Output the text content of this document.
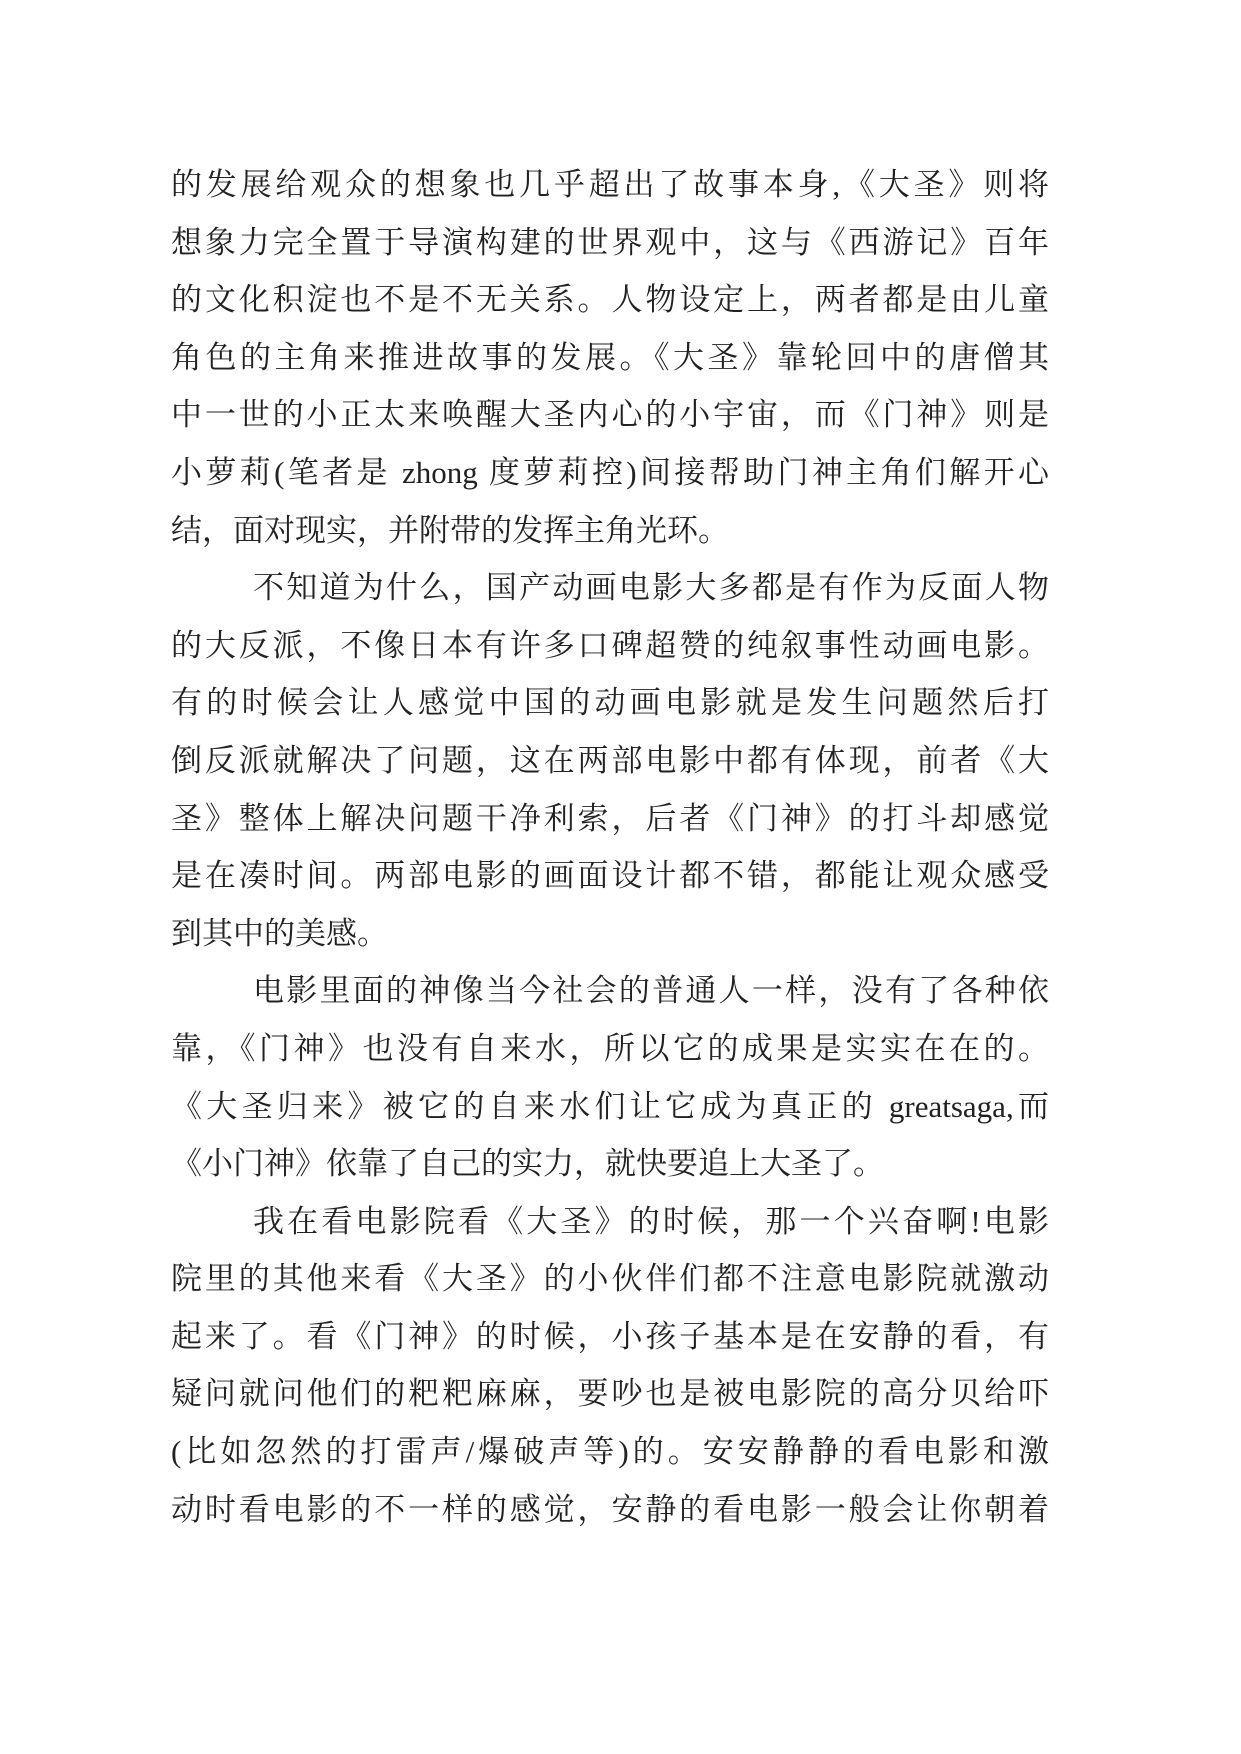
的发展给观众的想象也几乎超出了故事本身,《大圣》则将
想象力完全置于导演构建的世界观中，这与《西游记》百年
的文化积淀也不是不无关系。人物设定上，两者都是由儿童
角色的主角来推进故事的发展。《大圣》靠轮回中的唐僧其
中一世的小正太来唤醒大圣内心的小宇宙，而《门神》则是
小萝莉(笔者是 zhong 度萝莉控)间接帮助门神主角们解开心
结，面对现实，并附带的发挥主角光环。
不知道为什么，国产动画电影大多都是有作为反面人物
的大反派，不像日本有许多口碑超赞的纯叙事性动画电影。
有的时候会让人感觉中国的动画电影就是发生问题然后打
倒反派就解决了问题，这在两部电影中都有体现，前者《大
圣》整体上解决问题干净利索，后者《门神》的打斗却感觉
是在凑时间。两部电影的画面设计都不错，都能让观众感受
到其中的美感。
电影里面的神像当今社会的普通人一样，没有了各种依
靠，《门神》也没有自来水，所以它的成果是实实在在的。
《大圣归来》被它的自来水们让它成为真正的 greatsaga,而
《小门神》依靠了自己的实力，就快要追上大圣了。
我在看电影院看《大圣》的时候，那一个兴奋啊!电影
院里的其他来看《大圣》的小伙伴们都不注意电影院就激动
起来了。看《门神》的时候，小孩子基本是在安静的看，有
疑问就问他们的粑粑麻麻，要吵也是被电影院的高分贝给吓
(比如忽然的打雷声/爆破声等)的。安安静静的看电影和激
动时看电影的不一样的感觉，安静的看电影一般会让你朝着
